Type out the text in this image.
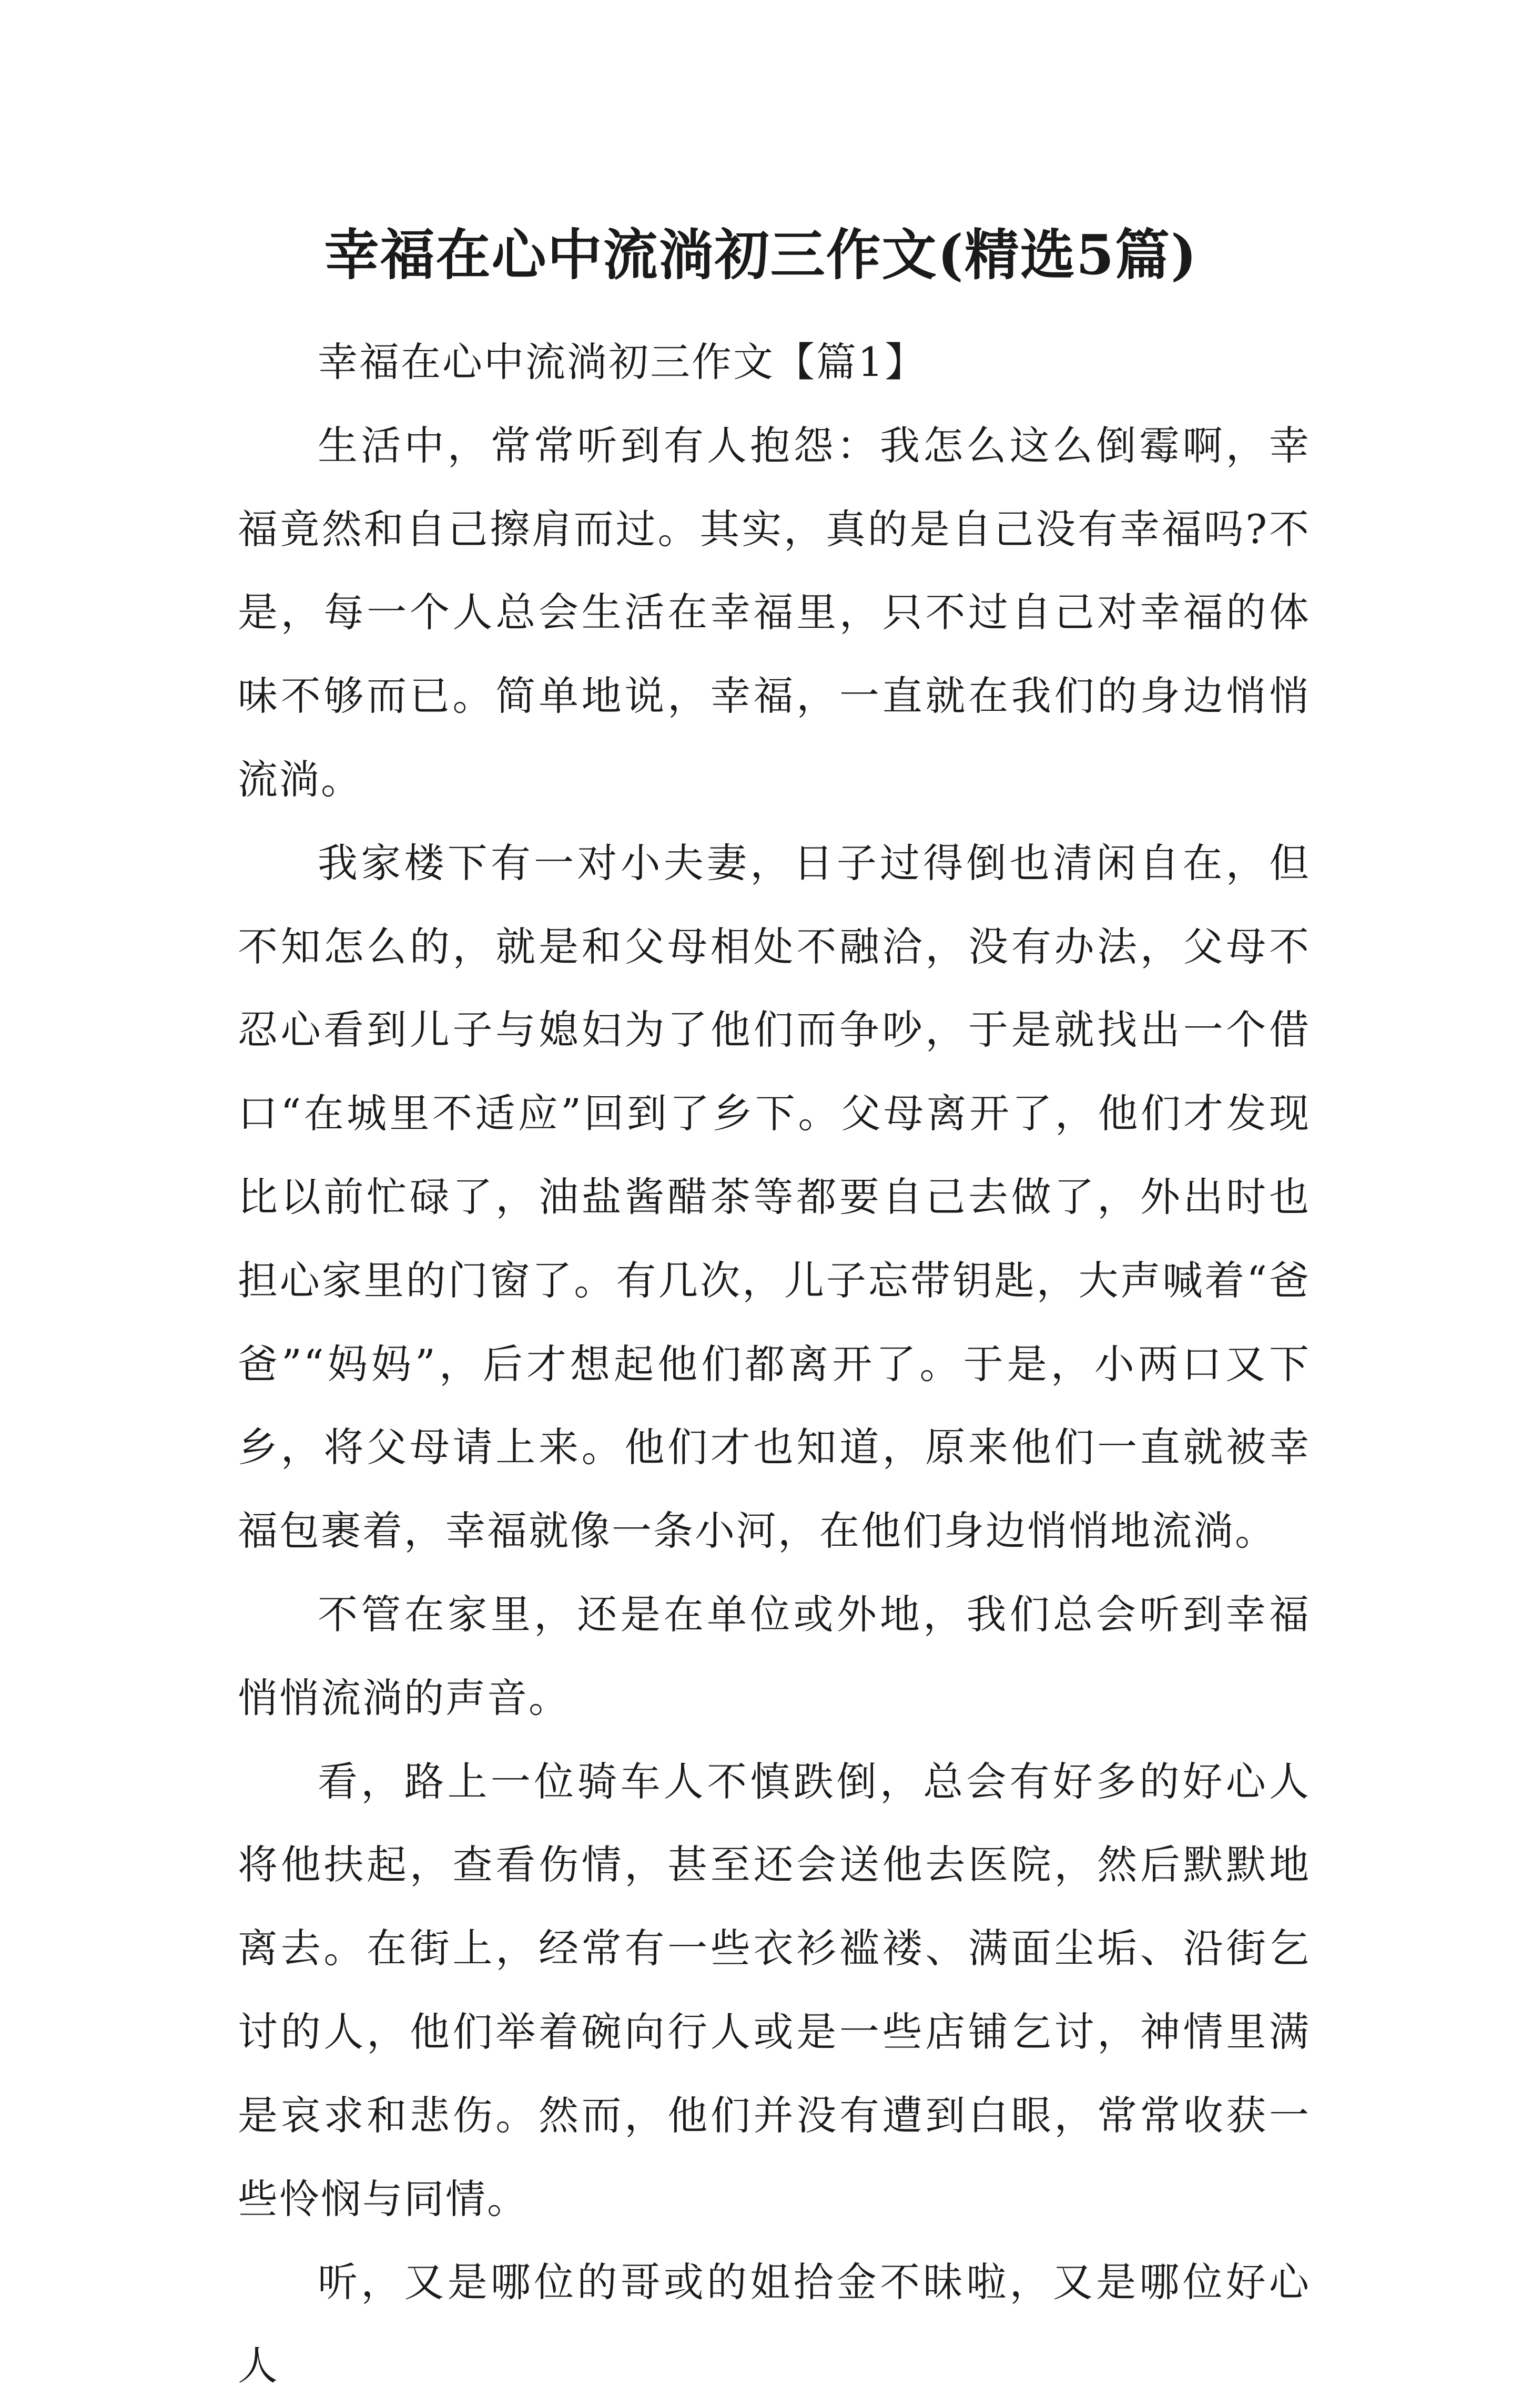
幸福在心中流淌初三作文(精选5篇)

幸福在心中流淌初三作文【篇1】

生活中，常常听到有人抱怨：我怎么这么倒霉啊，幸福竟然和自己擦肩而过。其实，真的是自己没有幸福吗?不是，每一个人总会生活在幸福里，只不过自己对幸福的体味不够而已。简单地说，幸福，一直就在我们的身边悄悄流淌。

我家楼下有一对小夫妻，日子过得倒也清闲自在，但不知怎么的，就是和父母相处不融洽，没有办法，父母不忍心看到儿子与媳妇为了他们而争吵，于是就找出一个借口“在城里不适应”回到了乡下。父母离开了，他们才发现比以前忙碌了，油盐酱醋茶等都要自己去做了，外出时也担心家里的门窗了。有几次，儿子忘带钥匙，大声喊着“爸爸”“妈妈”，后才想起他们都离开了。于是，小两口又下乡，将父母请上来。他们才也知道，原来他们一直就被幸福包裹着，幸福就像一条小河，在他们身边悄悄地流淌。

不管在家里，还是在单位或外地，我们总会听到幸福悄悄流淌的声音。

看，路上一位骑车人不慎跌倒，总会有好多的好心人将他扶起，查看伤情，甚至还会送他去医院，然后默默地离去。在街上，经常有一些衣衫褴褛、满面尘垢、沿街乞讨的人，他们举着碗向行人或是一些店铺乞讨，神情里满是哀求和悲伤。然而，他们并没有遭到白眼，常常收获一些怜悯与同情。

听，又是哪位的哥或的姐拾金不昧啦，又是哪位好心人
